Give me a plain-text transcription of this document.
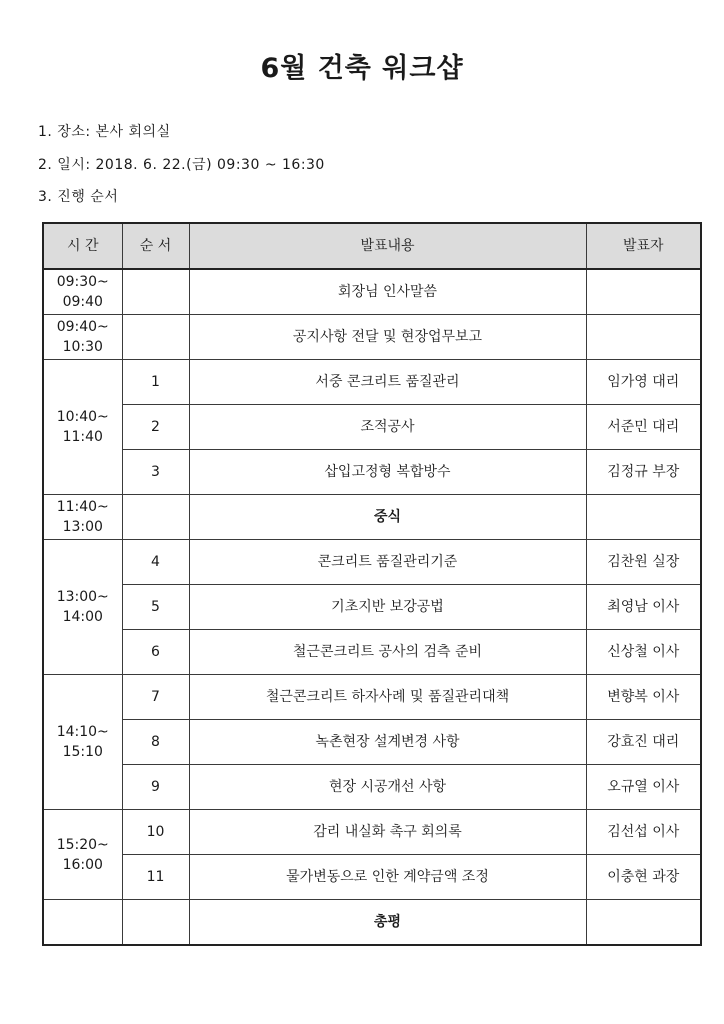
6월 건축 워크샵
1. 장소: 본사 회의실
2. 일시: 2018. 6. 22.(금) 09:30 ~ 16:30
3. 진행 순서
시 간	순 서	발표내용	발표자

09:30~
09:40		회장님 인사말씀	

09:40~
10:30		공지사항 전달 및 현장업무보고	

10:40~
11:40	1	서중 콘크리트 품질관리	임가영 대리
	2	조적공사	서준민 대리
	3	삽입고정형 복합방수	김정규 부장

11:40~
13:00		중식	

13:00~
14:00	4	콘크리트 품질관리기준	김찬원 실장
	5	기초지반 보강공법	최영남 이사
	6	철근콘크리트 공사의 검측 준비	신상철 이사

14:10~
15:10	7	철근콘크리트 하자사례 및 품질관리대책	변향복 이사
	8	녹촌현장 설계변경 사항	강효진 대리
	9	현장 시공개선 사항	오규열 이사

15:20~
16:00	10	감리 내실화 촉구 회의록	김선섭 이사
	11	물가변동으로 인한 계약금액 조정	이충현 과장

		총평	
